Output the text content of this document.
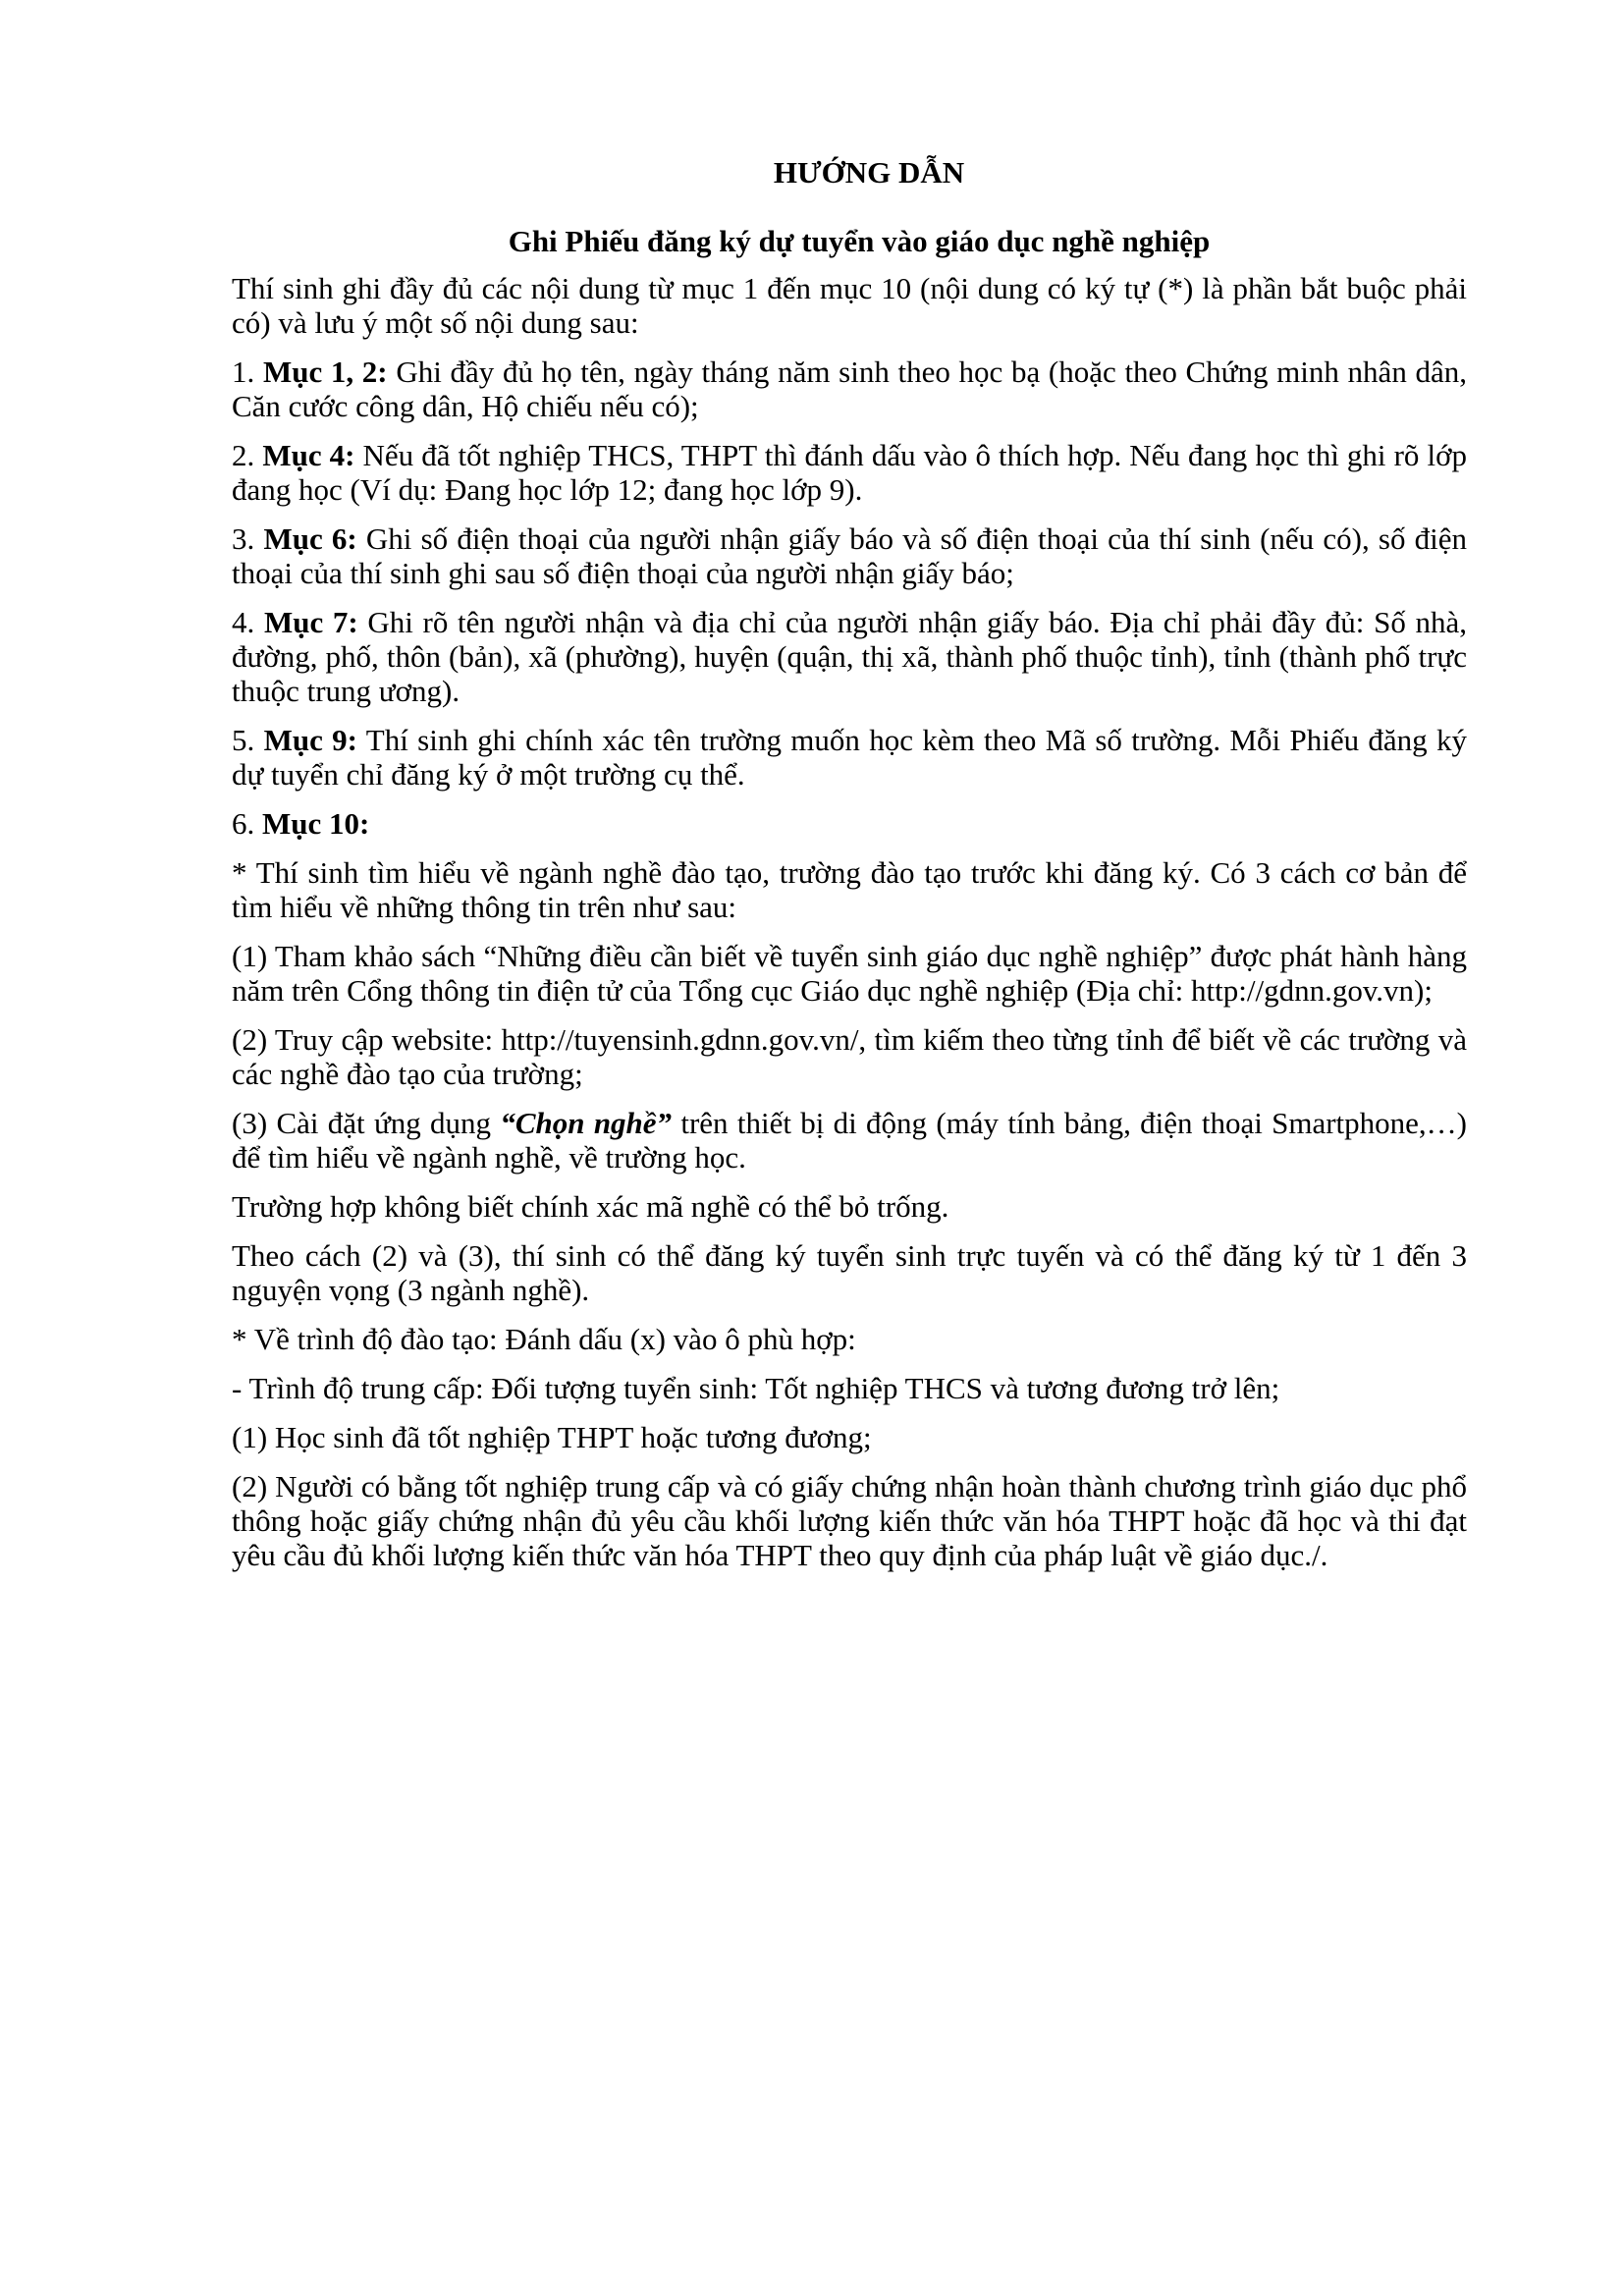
HƯỚNG DẪN
Ghi Phiếu đăng ký dự tuyển vào giáo dục nghề nghiệp

Thí sinh ghi đầy đủ các nội dung từ mục 1 đến mục 10 (nội dung có ký tự (*) là phần bắt buộc phải có) và lưu ý một số nội dung sau:

1. Mục 1, 2: Ghi đầy đủ họ tên, ngày tháng năm sinh theo học bạ (hoặc theo Chứng minh nhân dân, Căn cước công dân, Hộ chiếu nếu có);

2. Mục 4: Nếu đã tốt nghiệp THCS, THPT thì đánh dấu vào ô thích hợp. Nếu đang học thì ghi rõ lớp đang học (Ví dụ: Đang học lớp 12; đang học lớp 9).

3. Mục 6: Ghi số điện thoại của người nhận giấy báo và số điện thoại của thí sinh (nếu có), số điện thoại của thí sinh ghi sau số điện thoại của người nhận giấy báo;

4. Mục 7: Ghi rõ tên người nhận và địa chỉ của người nhận giấy báo. Địa chỉ phải đầy đủ: Số nhà, đường, phố, thôn (bản), xã (phường), huyện (quận, thị xã, thành phố thuộc tỉnh), tỉnh (thành phố trực thuộc trung ương).

5. Mục 9: Thí sinh ghi chính xác tên trường muốn học kèm theo Mã số trường. Mỗi Phiếu đăng ký dự tuyển chỉ đăng ký ở một trường cụ thể.

6. Mục 10:

* Thí sinh tìm hiểu về ngành nghề đào tạo, trường đào tạo trước khi đăng ký. Có 3 cách cơ bản để tìm hiểu về những thông tin trên như sau:

(1) Tham khảo sách “Những điều cần biết về tuyển sinh giáo dục nghề nghiệp” được phát hành hàng năm trên Cổng thông tin điện tử của Tổng cục Giáo dục nghề nghiệp (Địa chỉ: http://gdnn.gov.vn);

(2) Truy cập website: http://tuyensinh.gdnn.gov.vn/, tìm kiếm theo từng tỉnh để biết về các trường và các nghề đào tạo của trường;

(3) Cài đặt ứng dụng “Chọn nghề” trên thiết bị di động (máy tính bảng, điện thoại Smartphone,…) để tìm hiểu về ngành nghề, về trường học.

Trường hợp không biết chính xác mã nghề có thể bỏ trống.

Theo cách (2) và (3), thí sinh có thể đăng ký tuyển sinh trực tuyến và có thể đăng ký từ 1 đến 3 nguyện vọng (3 ngành nghề).

* Về trình độ đào tạo: Đánh dấu (x) vào ô phù hợp:

- Trình độ trung cấp: Đối tượng tuyển sinh: Tốt nghiệp THCS và tương đương trở lên;

(1) Học sinh đã tốt nghiệp THPT hoặc tương đương;

(2) Người có bằng tốt nghiệp trung cấp và có giấy chứng nhận hoàn thành chương trình giáo dục phổ thông hoặc giấy chứng nhận đủ yêu cầu khối lượng kiến thức văn hóa THPT hoặc đã học và thi đạt yêu cầu đủ khối lượng kiến thức văn hóa THPT theo quy định của pháp luật về giáo dục./.
